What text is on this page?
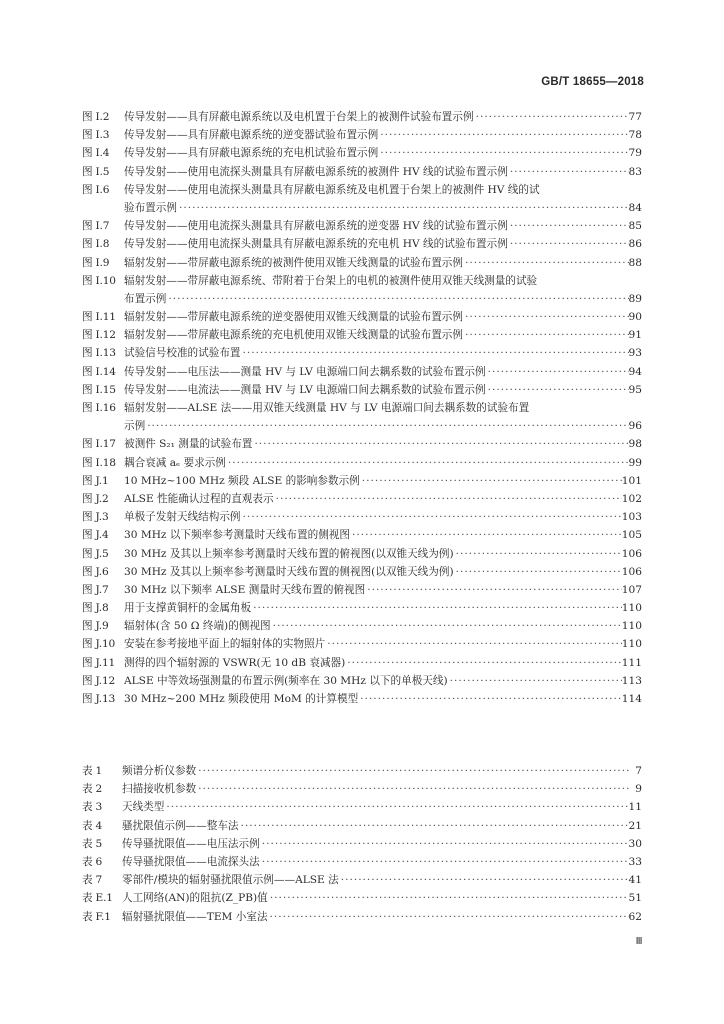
GB/T 18655—2018
图 I.2	传导发射——具有屏蔽电源系统以及电机置于台架上的被测件试验布置示例 ·····	77
图 I.3	传导发射——具有屏蔽电源系统的逆变器试验布置示例 ·····	78
图 I.4	传导发射——具有屏蔽电源系统的充电机试验布置示例 ·····	79
图 I.5	传导发射——使用电流探头测量具有屏蔽电源系统的被测件 HV 线的试验布置示例 ·····	83
图 I.6	传导发射——使用电流探头测量具有屏蔽电源系统及电机置于台架上的被测件 HV 线的试
验布置示例 ·····	84
图 I.7	传导发射——使用电流探头测量具有屏蔽电源系统的逆变器 HV 线的试验布置示例 ·····	85
图 I.8	传导发射——使用电流探头测量具有屏蔽电源系统的充电机 HV 线的试验布置示例 ·····	86
图 I.9	辐射发射——带屏蔽电源系统的被测件使用双锥天线测量的试验布置示例 ·····	88
图 I.10 辐射发射——带屏蔽电源系统、带附着于台架上的电机的被测件使用双锥天线测量的试验
布置示例 ·····	89
图 I.11 辐射发射——带屏蔽电源系统的逆变器使用双锥天线测量的试验布置示例 ·····	90
图 I.12 辐射发射——带屏蔽电源系统的充电机使用双锥天线测量的试验布置示例 ·····	91
图 I.13 试验信号校准的试验布置 ·····	93
图 I.14 传导发射——电压法——测量 HV 与 LV 电源端口间去耦系数的试验布置示例 ·····	94
图 I.15 传导发射——电流法——测量 HV 与 LV 电源端口间去耦系数的试验布置示例 ·····	95
图 I.16 辐射发射——ALSE 法——用双锥天线测量 HV 与 LV 电源端口间去耦系数的试验布置
示例 ·····	96
图 I.17 被测件 S₂₁ 测量的试验布置 ·····	98
图 I.18 耦合衰减 aₑ 要求示例 ·····	99
图 J.1	10 MHz~100 MHz 频段 ALSE 的影响参数示例 ·····	101
图 J.2	ALSE 性能确认过程的直观表示 ·····	102
图 J.3	单极子发射天线结构示例 ·····	103
图 J.4	30 MHz 以下频率参考测量时天线布置的侧视图 ·····	105
图 J.5	30 MHz 及其以上频率参考测量时天线布置的俯视图(以双锥天线为例) ·····	106
图 J.6	30 MHz 及其以上频率参考测量时天线布置的侧视图(以双锥天线为例) ·····	106
图 J.7	30 MHz 以下频率 ALSE 测量时天线布置的俯视图 ·····	107
图 J.8	用于支撑黄铜杆的金属角板 ·····	110
图 J.9	辐射体(含 50 Ω 终端)的侧视图 ·····	110
图 J.10 安装在参考接地平面上的辐射体的实物照片 ·····	110
图 J.11 测得的四个辐射源的 VSWR(无 10 dB 衰减器) ·····	111
图 J.12 ALSE 中等效场强测量的布置示例(频率在 30 MHz 以下的单极天线) ·····	113
图 J.13 30 MHz~200 MHz 频段使用 MoM 的计算模型 ·····	114
表 1	频谱分析仪参数 ·····	7
表 2	扫描接收机参数 ·····	9
表 3	天线类型 ·····	11
表 4	骚扰限值示例——整车法 ·····	21
表 5	传导骚扰限值——电压法示例 ·····	30
表 6	传导骚扰限值——电流探头法 ·····	33
表 7	零部件/模块的辐射骚扰限值示例——ALSE 法 ·····	41
表 E.1 人工网络(AN)的阻抗(Z_PB)值 ·····	51
表 F.1	辐射骚扰限值——TEM 小室法 ·····	62
Ⅲ
